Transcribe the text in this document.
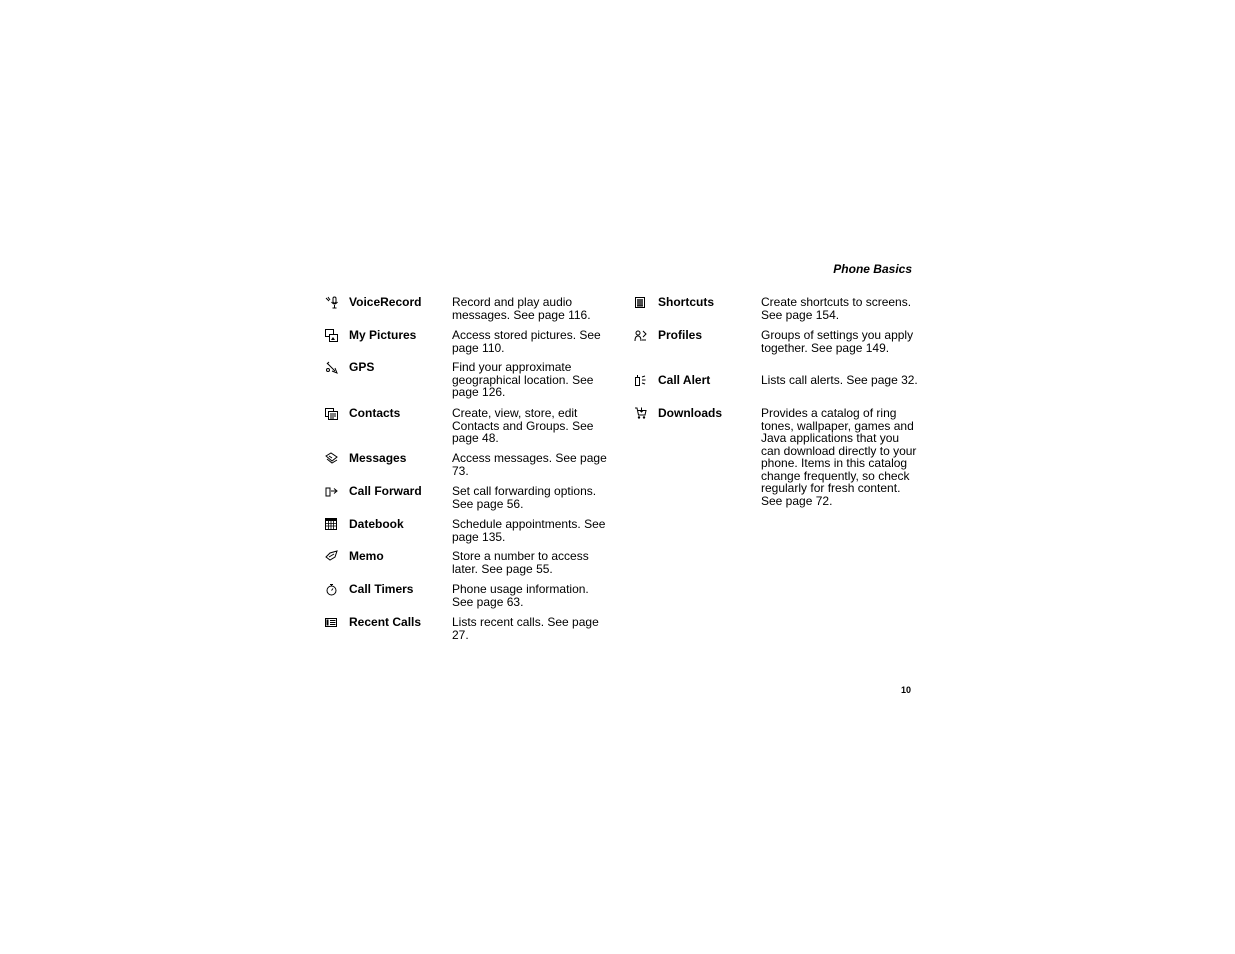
Phone Basics
VoiceRecord	Record and play audio messages. See page 116.
My Pictures	Access stored pictures. See page 110.
GPS	Find your approximate geographical location. See page 126.
Contacts	Create, view, store, edit Contacts and Groups. See page 48.
Messages	Access messages. See page 73.
Call Forward	Set call forwarding options. See page 56.
Datebook	Schedule appointments. See page 135.
Memo	Store a number to access later. See page 55.
Call Timers	Phone usage information. See page 63.
Recent Calls	Lists recent calls. See page 27.
Shortcuts	Create shortcuts to screens. See page 154.
Profiles	Groups of settings you apply together. See page 149.
Call Alert	Lists call alerts. See page 32.
Downloads	Provides a catalog of ring tones, wallpaper, games and Java applications that you can download directly to your phone. Items in this catalog change frequently, so check regularly for fresh content. See page 72.
10
